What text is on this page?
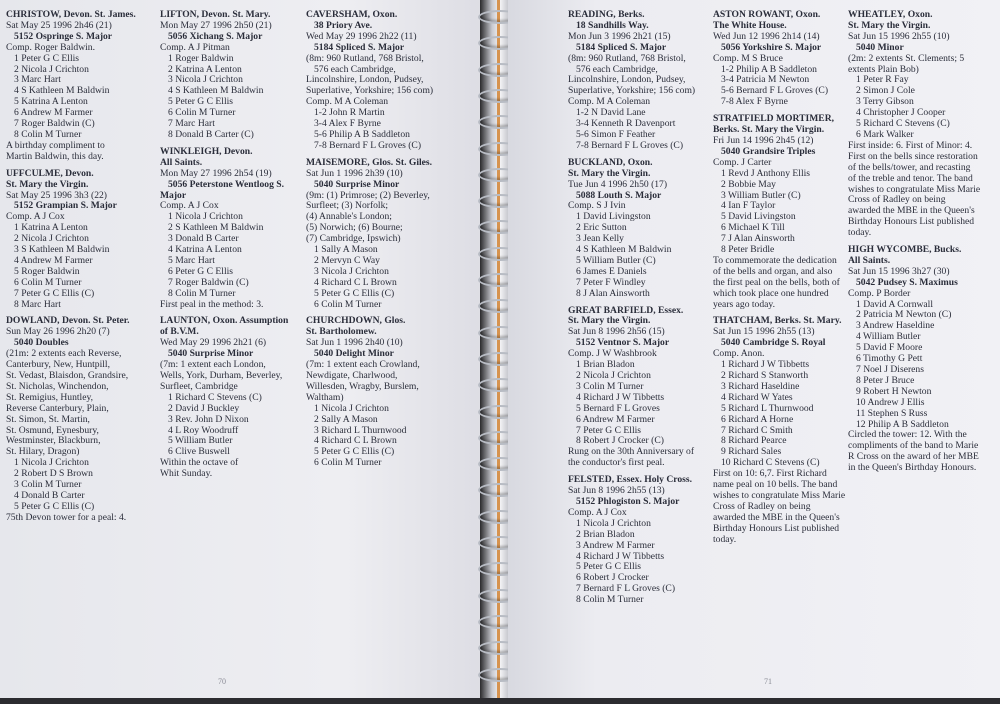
CHRISTOW, Devon. St. James.
Sat May 25 1996 2h46 (21)
5152 Ospringe S. Major
Comp. Roger Baldwin.
1 Peter G C Ellis
2 Nicola J Crichton
3 Marc Hart
4 S Kathleen M Baldwin
5 Katrina A Lenton
6 Andrew M Farmer
7 Roger Baldwin (C)
8 Colin M Turner
A birthday compliment to
Martin Baldwin, this day.
UFFCULME, Devon.
St. Mary the Virgin.
Sat May 25 1996 3h3 (22)
5152 Grampian S. Major
Comp. A J Cox
1 Katrina A Lenton
2 Nicola J Crichton
3 S Kathleen M Baldwin
4 Andrew M Farmer
5 Roger Baldwin
6 Colin M Turner
7 Peter G C Ellis (C)
8 Marc Hart
DOWLAND, Devon. St. Peter.
Sun May 26 1996 2h20 (7)
5040 Doubles
(21m: 2 extents each Reverse,
Canterbury, New, Huntpill,
St. Vedast, Blaisdon, Grandsire,
St. Nicholas, Winchendon,
St. Remigius, Huntley,
Reverse Canterbury, Plain,
St. Simon, St. Martin,
St. Osmund, Eynesbury,
Westminster, Blackburn,
St. Hilary, Dragon)
1 Nicola J Crichton
2 Robert D S Brown
3 Colin M Turner
4 Donald B Carter
5 Peter G C Ellis (C)
75th Devon tower for a peal: 4.
LIFTON, Devon. St. Mary.
Mon May 27 1996 2h50 (21)
5056 Xichang S. Major
Comp. A J Pitman
1 Roger Baldwin
2 Katrina A Lenton
3 Nicola J Crichton
4 S Kathleen M Baldwin
5 Peter G C Ellis
6 Colin M Turner
7 Marc Hart
8 Donald B Carter (C)
WINKLEIGH, Devon.
All Saints.
Mon May 27 1996 2h54 (19)
5056 Peterstone Wentloog S.
Major
Comp. A J Cox
1 Nicola J Crichton
2 S Kathleen M Baldwin
3 Donald B Carter
4 Katrina A Lenton
5 Marc Hart
6 Peter G C Ellis
7 Roger Baldwin (C)
8 Colin M Turner
First peal in the method: 3.
LAUNTON, Oxon. Assumption
of B.V.M.
Wed May 29 1996 2h21 (6)
5040 Surprise Minor
(7m: 1 extent each London,
Wells, York, Durham, Beverley,
Surfleet, Cambridge
1 Richard C Stevens (C)
2 David J Buckley
3 Rev. John D Nixon
4 L Roy Woodruff
5 William Butler
6 Clive Buswell
Within the octave of
Whit Sunday.
CAVERSHAM, Oxon.
38 Priory Ave.
Wed May 29 1996 2h22 (11)
5184 Spliced S. Major
(8m: 960 Rutland, 768 Bristol,
576 each Cambridge,
Lincolnshire, London, Pudsey,
Superlative, Yorkshire; 156 com)
Comp. M A Coleman
1-2 John R Martin
3-4 Alex F Byrne
5-6 Philip A B Saddleton
7-8 Bernard F L Groves (C)
MAISEMORE, Glos. St. Giles.
Sat Jun 1 1996 2h39 (10)
5040 Surprise Minor
(9m: (1) Primrose; (2) Beverley,
Surfleet; (3) Norfolk;
(4) Annable's London;
(5) Norwich; (6) Bourne;
(7) Cambridge, Ipswich)
1 Sally A Mason
2 Mervyn C Way
3 Nicola J Crichton
4 Richard C L Brown
5 Peter G C Ellis (C)
6 Colin M Turner
CHURCHDOWN, Glos.
St. Bartholomew.
Sat Jun 1 1996 2h40 (10)
5040 Delight Minor
(7m: 1 extent each Crowland,
Newdigate, Charlwood,
Willesden, Wragby, Burslem,
Waltham)
1 Nicola J Crichton
2 Sally A Mason
3 Richard L Thurnwood
4 Richard C L Brown
5 Peter G C Ellis (C)
6 Colin M Turner
70
READING, Berks.
18 Sandhills Way.
Mon Jun 3 1996 2h21 (15)
5184 Spliced S. Major
(8m: 960 Rutland, 768 Bristol,
576 each Cambridge,
Lincolnshire, London, Pudsey,
Superlative, Yorkshire; 156 com)
Comp. M A Coleman
1-2 N David Lane
3-4 Kenneth R Davenport
5-6 Simon F Feather
7-8 Bernard F L Groves (C)
BUCKLAND, Oxon.
St. Mary the Virgin.
Tue Jun 4 1996 2h50 (17)
5088 Louth S. Major
Comp. S J Ivin
1 David Livingston
2 Eric Sutton
3 Jean Kelly
4 S Kathleen M Baldwin
5 William Butler (C)
6 James E Daniels
7 Peter F Windley
8 J Alan Ainsworth
GREAT BARFIELD, Essex.
St. Mary the Virgin.
Sat Jun 8 1996 2h56 (15)
5152 Ventnor S. Major
Comp. J W Washbrook
1 Brian Bladon
2 Nicola J Crichton
3 Colin M Turner
4 Richard J W Tibbetts
5 Bernard F L Groves
6 Andrew M Farmer
7 Peter G C Ellis
8 Robert J Crocker (C)
Rung on the 30th Anniversary of
the conductor's first peal.
FELSTED, Essex. Holy Cross.
Sat Jun 8 1996 2h55 (13)
5152 Phlogiston S. Major
Comp. A J Cox
1 Nicola J Crichton
2 Brian Bladon
3 Andrew M Farmer
4 Richard J W Tibbetts
5 Peter G C Ellis
6 Robert J Crocker
7 Bernard F L Groves (C)
8 Colin M Turner
ASTON ROWANT, Oxon.
The White House.
Wed Jun 12 1996 2h14 (14)
5056 Yorkshire S. Major
Comp. M S Bruce
1-2 Philip A B Saddleton
3-4 Patricia M Newton
5-6 Bernard F L Groves (C)
7-8 Alex F Byrne
STRATFIELD MORTIMER,
Berks. St. Mary the Virgin.
Fri Jun 14 1996 2h45 (12)
5040 Grandsire Triples
Comp. J Carter
1 Revd J Anthony Ellis
2 Bobbie May
3 William Butler (C)
4 Ian F Taylor
5 David Livingston
6 Michael K Till
7 J Alan Ainsworth
8 Peter Bridle
To commemorate the dedication
of the bells and organ, and also
the first peal on the bells, both of
which took place one hundred
years ago today.
THATCHAM, Berks. St. Mary.
Sat Jun 15 1996 2h55 (13)
5040 Cambridge S. Royal
Comp. Anon.
1 Richard J W Tibbetts
2 Richard S Stanworth
3 Richard Haseldine
4 Richard W Yates
5 Richard L Thurnwood
6 Richard A Horne
7 Richard C Smith
8 Richard Pearce
9 Richard Sales
10 Richard C Stevens (C)
First on 10: 6,7. First Richard
name peal on 10 bells. The band
wishes to congratulate Miss Marie
Cross of Radley on being
awarded the MBE in the Queen's
Birthday Honours List published
today.
WHEATLEY, Oxon.
St. Mary the Virgin.
Sat Jun 15 1996 2h55 (10)
5040 Minor
(2m: 2 extents St. Clements; 5
extents Plain Bob)
1 Peter R Fay
2 Simon J Cole
3 Terry Gibson
4 Christopher J Cooper
5 Richard C Stevens (C)
6 Mark Walker
First inside: 6. First of Minor: 4.
First on the bells since restoration
of the bells/tower, and recasting
of the treble and tenor. The band
wishes to congratulate Miss Marie
Cross of Radley on being
awarded the MBE in the Queen's
Birthday Honours List published
today.
HIGH WYCOMBE, Bucks.
All Saints.
Sat Jun 15 1996 3h27 (30)
5042 Pudsey S. Maximus
Comp. P Border
1 David A Cornwall
2 Patricia M Newton (C)
3 Andrew Haseldine
4 William Butler
5 David F Moore
6 Timothy G Pett
7 Noel J Diserens
8 Peter J Bruce
9 Robert H Newton
10 Andrew J Ellis
11 Stephen S Russ
12 Philip A B Saddleton
Circled the tower: 12. With the
compliments of the band to Marie
R Cross on the award of her MBE
in the Queen's Birthday Honours.
71
